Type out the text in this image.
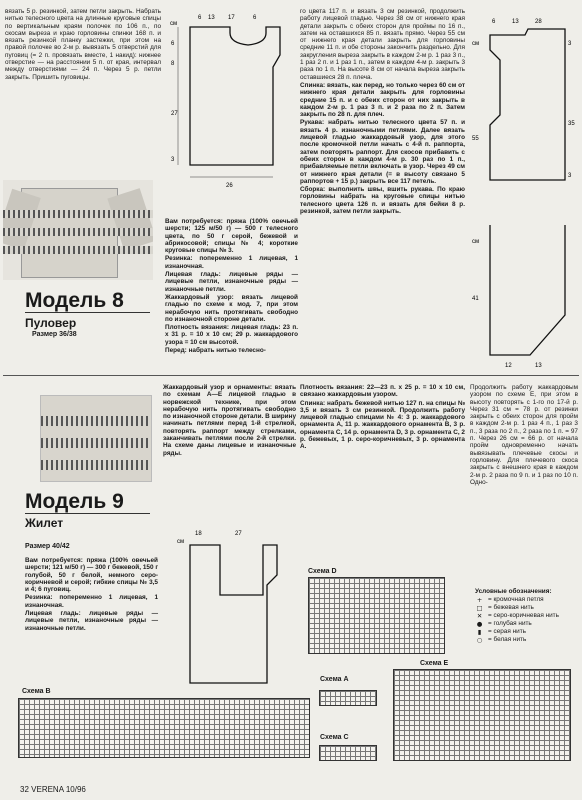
вязать 5 р. резинкой, затем петли закрыть. Набрать нитью телесного цвета на длинные круговые спицы по вертикальным краям полочек по 106 п., по скосам выреза и краю горловины спинки 168 п. и вязать резинкой планку застежки, при этом на правой полочке во 2-м р. вывязать 5 отверстий для пуговиц (= 2 п. провязать вместе, 1 накид): нижнее отверстие — на расстоянии 5 п. от края, интервал между отверстиями — 24 п. Через 5 р. петли закрыть. Пришить пуговицы.

см
6 13 17	6
27
8
6
3
26

го цвета 117 п. и вязать 3 см резинкой, продолжить работу лицевой гладью. Через 38 см от нижнего края детали закрыть с обеих сторон для проймы по 16 п., затем на оставшихся 85 п. вязать прямо. Через 55 см от нижнего края детали закрыть для горловины средние 11 п. и обе стороны закончить раздельно. Для закругления выреза закрыть в каждом 2-м р. 1 раз 3 п., 1 раз 2 п. и 1 раз 1 п., затем в каждом 4-м р. закрыть 3 раза по 1 п. На высоте 8 см от начала выреза закрыть оставшиеся 28 п. плеча.

Спинка: вязать, как перед, но только через 60 см от нижнего края детали закрыть для горловины средние 15 п. и с обеих сторон от них закрыть в каждом 2-м р. 1 раз 3 п. и 2 раза по 2 п. Затем закрыть по 28 п. для плеч.

Рукава: набрать нитью телесного цвета 57 п. и вязать 4 р. изнаночными петлями. Далее вязать лицевой гладью жаккардовый узор, для этого после кромочной петли начать с 4-й п. раппорта, затем повторять раппорт. Для скосов прибавить с обеих сторон в каждом 4-м р. 30 раз по 1 п., прибавляемые петли включать в узор. Через 49 см от нижнего края детали (= в высоту связано 5 раппортов + 15 р.) закрыть все 117 петель.

Сборка: выполнить швы, вшить рукава. По краю горловины набрать на круговые спицы нитью телесного цвета 126 п. и вязать для бейки 8 р. резинкой, затем петли закрыть.

см
6	13	28
55
3
35
3
Модель 8
Пуловер
Размер 36/38

Вам потребуется: пряжа (100% овечьей шерсти; 125 м/50 г) — 500 г телесного цвета, по 50 г серой, бежевой и абрикосовой; спицы № 4; короткие круговые спицы № 3.

Резинка: попеременно 1 лицевая, 1 изнаночная.

Лицевая гладь: лицевые ряды — лицевые петли, изнаночные ряды — изнаночные петли.

Жаккардовый узор: вязать лицевой гладью по схеме к мод. 7, при этом нерабочую нить протягивать свободно по изнаночной стороне детали.

Плотность вязания: лицевая гладь: 23 п. х 31 р. = 10 х 10 см; 29 р. жаккардового узора = 10 см высотой.

Перед: набрать нитью телесно-

см
41
12	13
Модель 9
Жилет
Размер 40/42

Вам потребуется: пряжа (100% овечьей шерсти; 121 м/50 г) — 300 г бежевой, 150 г голубой, 50 г белой, немного серо-коричневой и серой; гибкие спицы № 3,5 и 4; 6 пуговиц.

Резинка: попеременно 1 лицевая, 1 изнаночная.

Лицевая гладь: лицевые ряды — лицевые петли, изнаночные ряды — изнаночные петли.

Жаккардовый узор и орнаменты: вязать по схемам А—Е лицевой гладью в норвежской технике, при этом нерабочую нить протягивать свободно по изнаночной стороне детали. В ширину начинать петлями перед 1-й стрелкой, повторять раппорт между стрелками, заканчивать петлями после 2-й стрелки. На схеме даны лицевые и изнаночные ряды.

Плотность вязания: 22—23 п. х 25 р. = 10 х 10 см, связано жаккардовым узором.

Спинка: набрать бежевой нитью 127 п. на спицы № 3,5 и вязать 3 см резинкой. Продолжить работу лицевой гладью спицами № 4: 3 р. жаккардового орнамента А, 11 р. жаккардового орнамента В, 3 р. орнамента С, 14 р. орнамента D, 3 р. орнамента С, 2 р. бежевых, 1 р. серо-коричневых, 3 р. орнамента А.

Продолжить работу жаккардовым узором по схеме Е, при этом в высоту повторять с 1-го по 17-й р. Через 31 см = 78 р. от резинки закрыть с обеих сторон для пройм в каждом 2-м р. 1 раз 4 п., 1 раз 3 п., 3 раза по 2 п., 2 раза по 1 п. = 97 п. Через 26 см = 66 р. от начала пройм одновременно начать вывязывать плечевые скосы и горловину. Для плечевого скоса закрыть с внешнего края в каждом 2-м р. 2 раза по 9 п. и 1 раз по 10 п. Одно-

см
18	27
Схема D
Условные обозначения:
+ = кромочная петля
□ = бежевая нить
✕ = серо-коричневая нить
● = голубая нить
▮	= серая нить
○ = белая нить
Схема Е
Схема А
Схема С
Схема В
32 VERENA 10/96
